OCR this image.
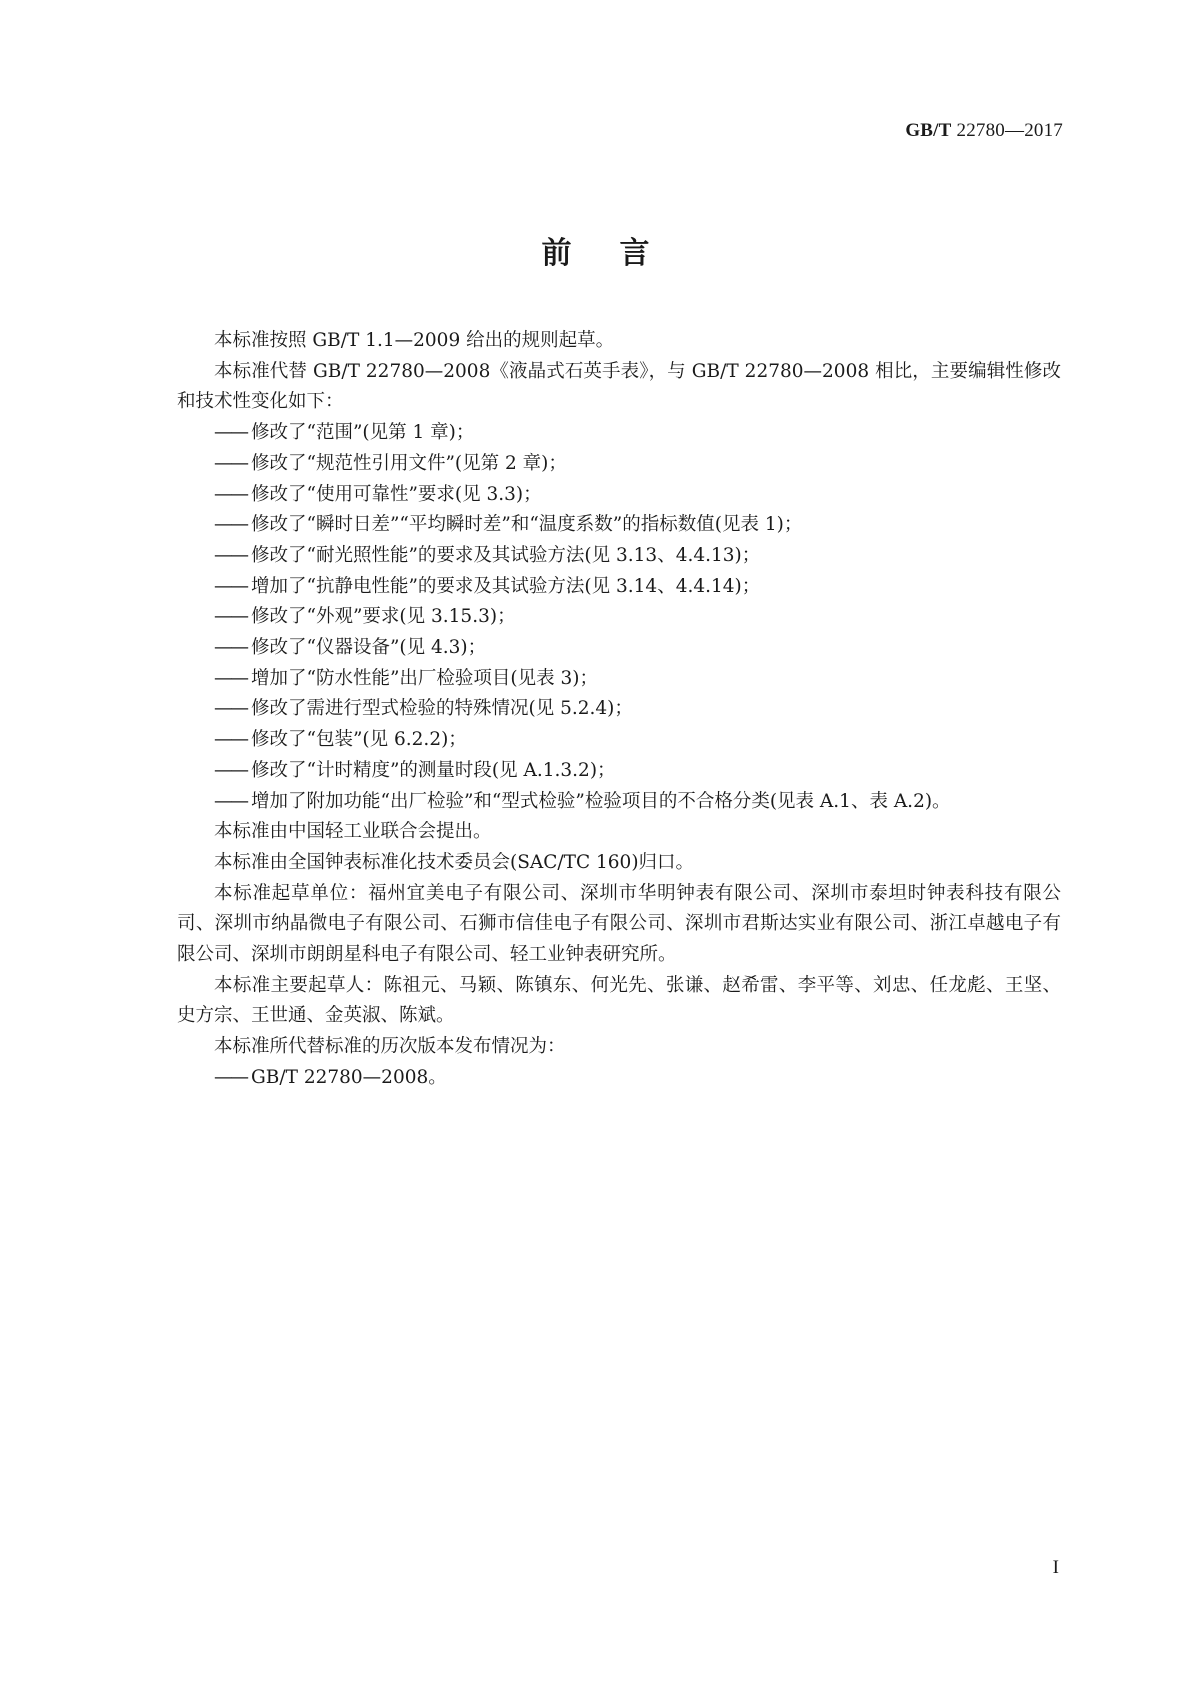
GB/T 22780—2017
前言

本标准按照 GB/T 1.1—2009 给出的规则起草。

本标准代替 GB/T 22780—2008《液晶式石英手表》，与 GB/T 22780—2008 相比，主要编辑性修改和技术性变化如下：

—— 修改了“范围”(见第 1 章)；

—— 修改了“规范性引用文件”(见第 2 章)；

—— 修改了“使用可靠性”要求(见 3.3)；

—— 修改了“瞬时日差”“平均瞬时差”和“温度系数”的指标数值(见表 1)；

—— 修改了“耐光照性能”的要求及其试验方法(见 3.13、4.4.13)；

—— 增加了“抗静电性能”的要求及其试验方法(见 3.14、4.4.14)；

—— 修改了“外观”要求(见 3.15.3)；

—— 修改了“仪器设备”(见 4.3)；

—— 增加了“防水性能”出厂检验项目(见表 3)；

—— 修改了需进行型式检验的特殊情况(见 5.2.4)；

—— 修改了“包装”(见 6.2.2)；

—— 修改了“计时精度”的测量时段(见 A.1.3.2)；

—— 增加了附加功能“出厂检验”和“型式检验”检验项目的不合格分类(见表 A.1、表 A.2)。

本标准由中国轻工业联合会提出。

本标准由全国钟表标准化技术委员会(SAC/TC 160)归口。

本标准起草单位：福州宜美电子有限公司、深圳市华明钟表有限公司、深圳市泰坦时钟表科技有限公司、深圳市纳晶微电子有限公司、石狮市信佳电子有限公司、深圳市君斯达实业有限公司、浙江卓越电子有限公司、深圳市朗朗星科电子有限公司、轻工业钟表研究所。

本标准主要起草人：陈祖元、马颖、陈镇东、何光先、张谦、赵希雷、李平等、刘忠、任龙彪、王坚、史方宗、王世通、金英淑、陈斌。

本标准所代替标准的历次版本发布情况为：

—— GB/T 22780—2008。

I
